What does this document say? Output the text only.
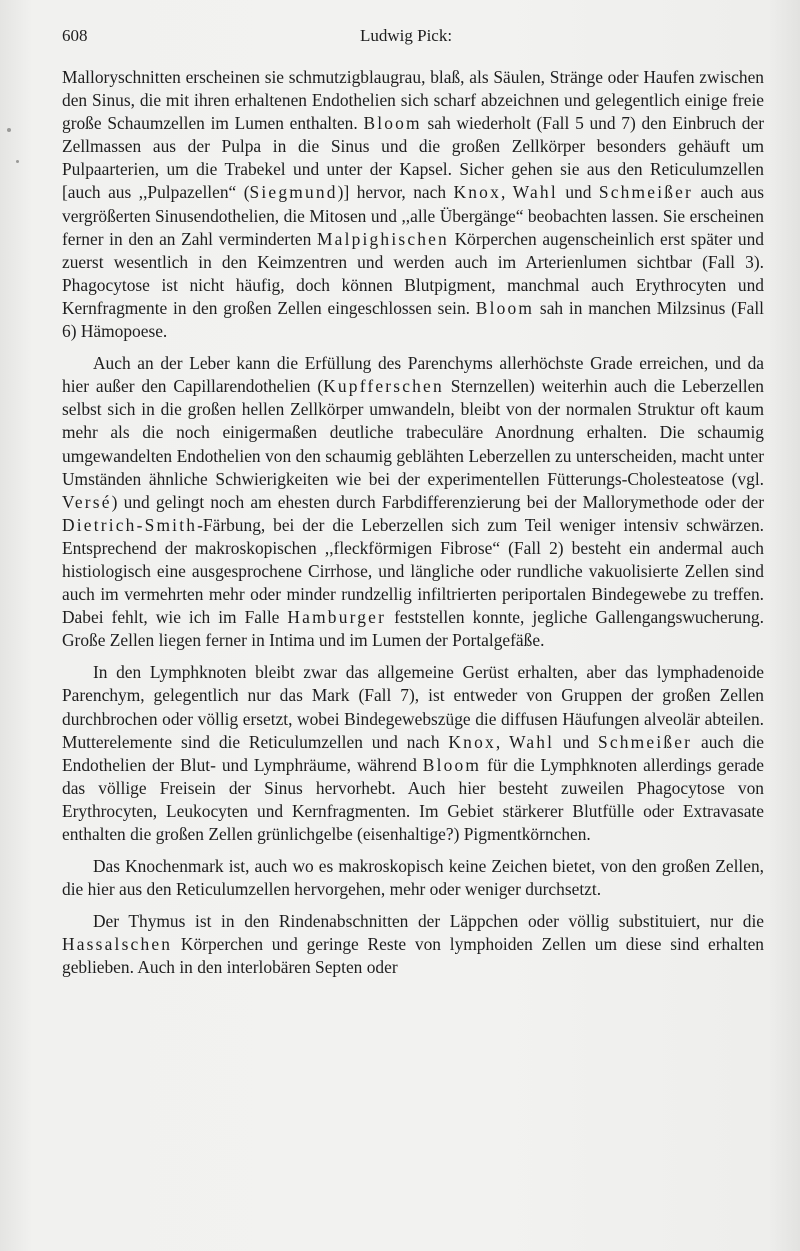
608	Ludwig Pick:

Malloryschnitten erscheinen sie schmutzigblaugrau, blaß, als Säulen, Stränge oder Haufen zwischen den Sinus, die mit ihren erhaltenen Endothelien sich scharf abzeichnen und gelegentlich einige freie große Schaumzellen im Lumen enthalten. Bloom sah wiederholt (Fall 5 und 7) den Einbruch der Zellmassen aus der Pulpa in die Sinus und die großen Zellkörper besonders gehäuft um Pulpaarterien, um die Trabekel und unter der Kapsel. Sicher gehen sie aus den Reticulumzellen [auch aus ,,Pulpazellen“ (Siegmund)] hervor, nach Knox, Wahl und Schmeißer auch aus vergrößerten Sinusendothelien, die Mitosen und ,,alle Übergänge“ beobachten lassen. Sie erscheinen ferner in den an Zahl verminderten Malpighischen Körperchen augenscheinlich erst später und zuerst wesentlich in den Keimzentren und werden auch im Arterienlumen sichtbar (Fall 3). Phagocytose ist nicht häufig, doch können Blutpigment, manchmal auch Erythrocyten und Kernfragmente in den großen Zellen eingeschlossen sein. Bloom sah in manchen Milzsinus (Fall 6) Hämopoese.

Auch an der Leber kann die Erfüllung des Parenchyms allerhöchste Grade erreichen, und da hier außer den Capillarendothelien (Kupfferschen Sternzellen) weiterhin auch die Leberzellen selbst sich in die großen hellen Zellkörper umwandeln, bleibt von der normalen Struktur oft kaum mehr als die noch einigermaßen deutliche trabeculäre Anordnung erhalten. Die schaumig umgewandelten Endothelien von den schaumig geblähten Leberzellen zu unterscheiden, macht unter Umständen ähnliche Schwierigkeiten wie bei der experimentellen Fütterungs-Cholesteatose (vgl. Versé) und gelingt noch am ehesten durch Farbdifferenzierung bei der Mallorymethode oder der Dietrich-Smith-Färbung, bei der die Leberzellen sich zum Teil weniger intensiv schwärzen. Entsprechend der makroskopischen ,,fleckförmigen Fibrose“ (Fall 2) besteht ein andermal auch histiologisch eine ausgesprochene Cirrhose, und längliche oder rundliche vakuolisierte Zellen sind auch im vermehrten mehr oder minder rundzellig infiltrierten periportalen Bindegewebe zu treffen. Dabei fehlt, wie ich im Falle Hamburger feststellen konnte, jegliche Gallengangswucherung. Große Zellen liegen ferner in Intima und im Lumen der Portalgefäße.

In den Lymphknoten bleibt zwar das allgemeine Gerüst erhalten, aber das lymphadenoide Parenchym, gelegentlich nur das Mark (Fall 7), ist entweder von Gruppen der großen Zellen durchbrochen oder völlig ersetzt, wobei Bindegewebszüge die diffusen Häufungen alveolär abteilen. Mutterelemente sind die Reticulumzellen und nach Knox, Wahl und Schmeißer auch die Endothelien der Blut- und Lymphräume, während Bloom für die Lymphknoten allerdings gerade das völlige Freisein der Sinus hervorhebt. Auch hier besteht zuweilen Phagocytose von Erythrocyten, Leukocyten und Kernfragmenten. Im Gebiet stärkerer Blutfülle oder Extravasate enthalten die großen Zellen grünlichgelbe (eisenhaltige?) Pigmentkörnchen.

Das Knochenmark ist, auch wo es makroskopisch keine Zeichen bietet, von den großen Zellen, die hier aus den Reticulumzellen hervorgehen, mehr oder weniger durchsetzt.

Der Thymus ist in den Rindenabschnitten der Läppchen oder völlig substituiert, nur die Hassalschen Körperchen und geringe Reste von lymphoiden Zellen um diese sind erhalten geblieben. Auch in den interlobären Septen oder
